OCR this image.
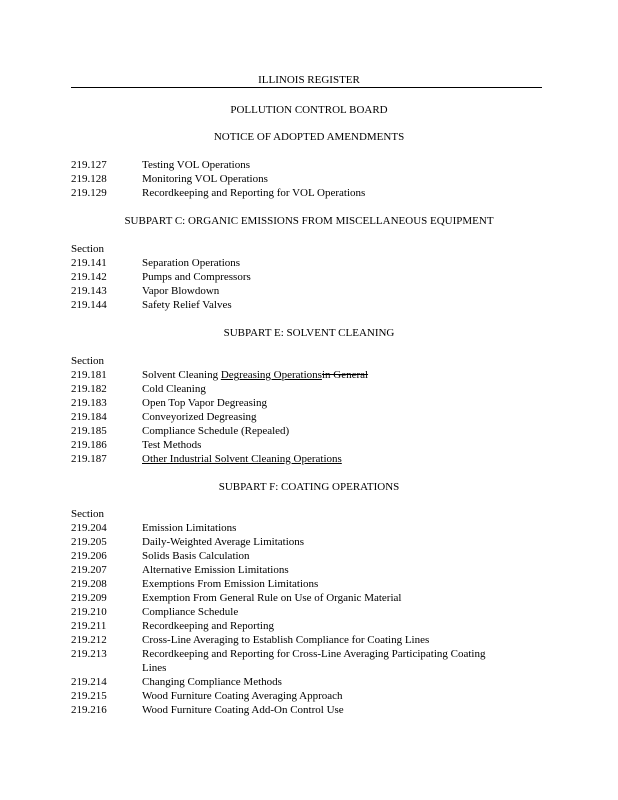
ILLINOIS REGISTER
POLLUTION CONTROL BOARD
NOTICE OF ADOPTED AMENDMENTS
219.127	Testing VOL Operations
219.128	Monitoring VOL Operations
219.129	Recordkeeping and Reporting for VOL Operations
SUBPART C: ORGANIC EMISSIONS FROM MISCELLANEOUS EQUIPMENT
Section
219.141	Separation Operations
219.142	Pumps and Compressors
219.143	Vapor Blowdown
219.144	Safety Relief Valves
SUBPART E: SOLVENT CLEANING
Section
219.181	Solvent Cleaning Degreasing Operationsin General
219.182	Cold Cleaning
219.183	Open Top Vapor Degreasing
219.184	Conveyorized Degreasing
219.185	Compliance Schedule (Repealed)
219.186	Test Methods
219.187	Other Industrial Solvent Cleaning Operations
SUBPART F: COATING OPERATIONS
Section
219.204	Emission Limitations
219.205	Daily-Weighted Average Limitations
219.206	Solids Basis Calculation
219.207	Alternative Emission Limitations
219.208	Exemptions From Emission Limitations
219.209	Exemption From General Rule on Use of Organic Material
219.210	Compliance Schedule
219.211	Recordkeeping and Reporting
219.212	Cross-Line Averaging to Establish Compliance for Coating Lines
219.213	Recordkeeping and Reporting for Cross-Line Averaging Participating Coating
Lines
219.214	Changing Compliance Methods
219.215	Wood Furniture Coating Averaging Approach
219.216	Wood Furniture Coating Add-On Control Use
